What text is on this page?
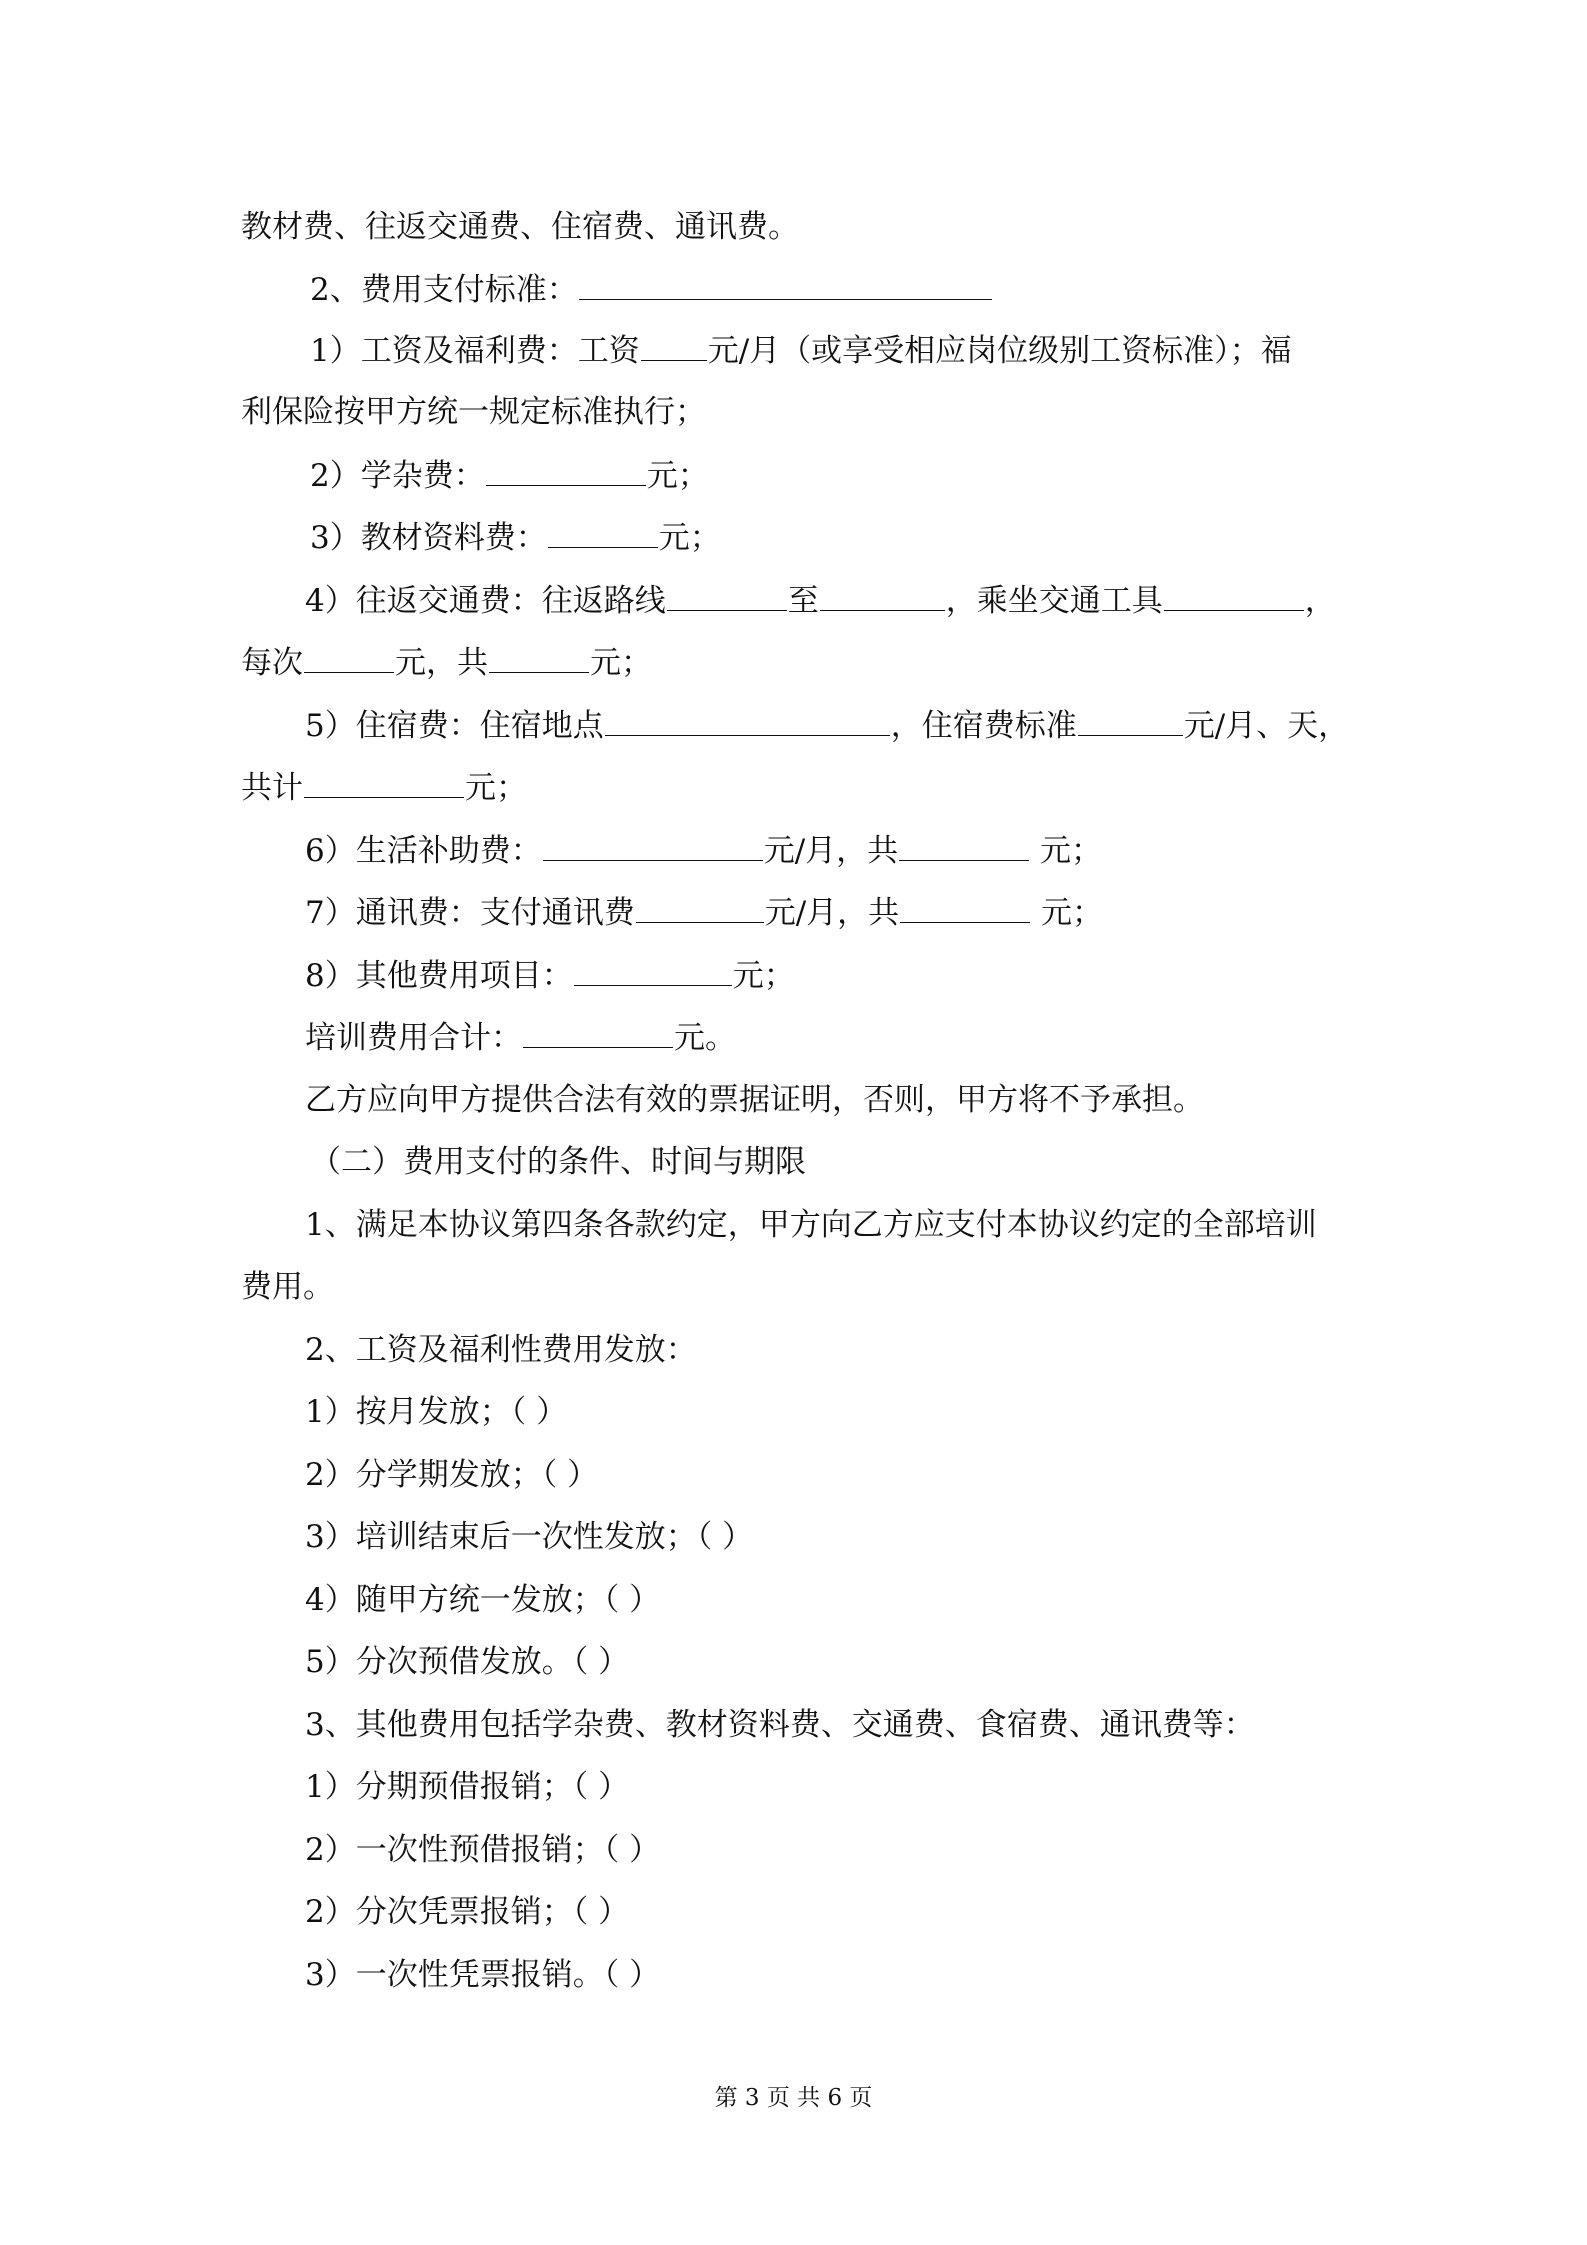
教材费、往返交通费、住宿费、通讯费。
2、费用支付标准：
1）工资及福利费：工资 元/月（或享受相应岗位级别工资标准）；福
利保险按甲方统一规定标准执行；
2）学杂费：	元；
3）教材资料费：	元；
4）往返交通费：往返路线	至	，乘坐交通工具	，
每次	元，共	元；
5）住宿费：住宿地点	，住宿费标准	元/月、天，
共计	元；
6）生活补助费：	元/月，共	元；
7）通讯费：支付通讯费	元/月，共	元；
8）其他费用项目：	元；
培训费用合计：	元。
乙方应向甲方提供合法有效的票据证明，否则，甲方将不予承担。
（二）费用支付的条件、时间与期限
1、满足本协议第四条各款约定，甲方向乙方应支付本协议约定的全部培训
费用。
2、工资及福利性费用发放：
1）按月发放；（ ）
2）分学期发放；（ ）
3）培训结束后一次性发放；（ ）
4）随甲方统一发放；（ ）
5）分次预借发放。（ ）
3、其他费用包括学杂费、教材资料费、交通费、食宿费、通讯费等：
1）分期预借报销；（ ）
2）一次性预借报销；（ ）
2）分次凭票报销；（ ）
3）一次性凭票报销。（ ）
第 3 页 共 6 页
